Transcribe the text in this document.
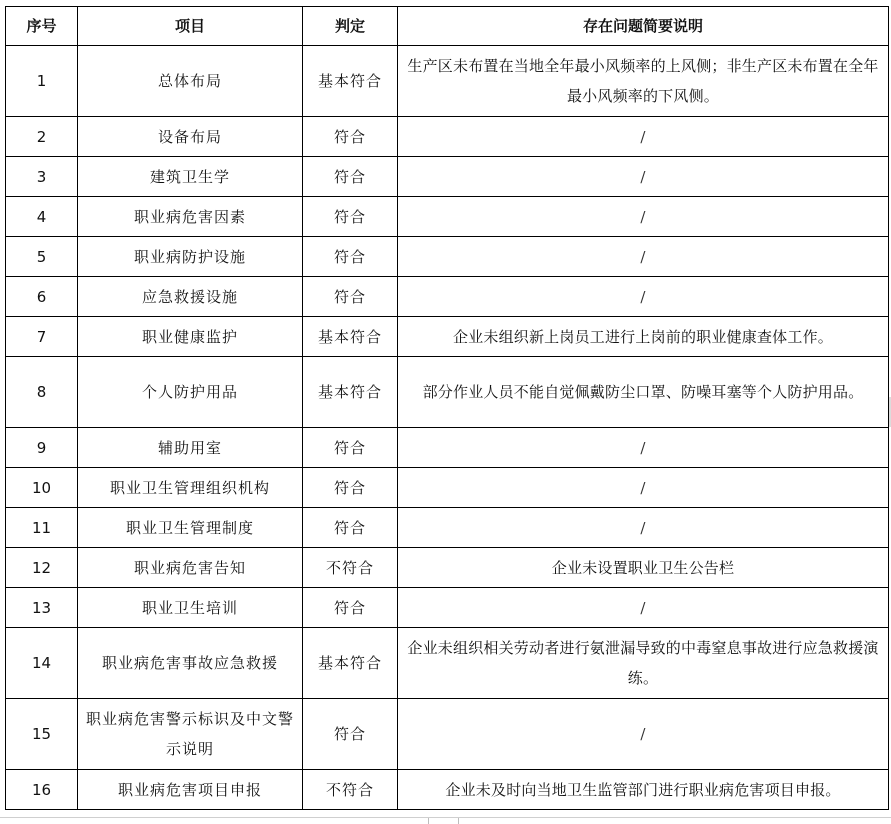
序号	项目	判定	存在问题简要说明
1	总体布局	基本符合	生产区未布置在当地全年最小风频率的上风侧；非生产区未布置在全年最小风频率的下风侧。
2	设备布局	符合	/
3	建筑卫生学	符合	/
4	职业病危害因素	符合	/
5	职业病防护设施	符合	/
6	应急救援设施	符合	/
7	职业健康监护	基本符合	企业未组织新上岗员工进行上岗前的职业健康查体工作。
8	个人防护用品	基本符合	部分作业人员不能自觉佩戴防尘口罩、防噪耳塞等个人防护用品。
9	辅助用室	符合	/
10	职业卫生管理组织机构	符合	/
11	职业卫生管理制度	符合	/
12	职业病危害告知	不符合	企业未设置职业卫生公告栏
13	职业卫生培训	符合	/
14	职业病危害事故应急救援	基本符合	企业未组织相关劳动者进行氨泄漏导致的中毒窒息事故进行应急救援演练。
15	职业病危害警示标识及中文警示说明	符合	/
16	职业病危害项目申报	不符合	企业未及时向当地卫生监管部门进行职业病危害项目申报。
